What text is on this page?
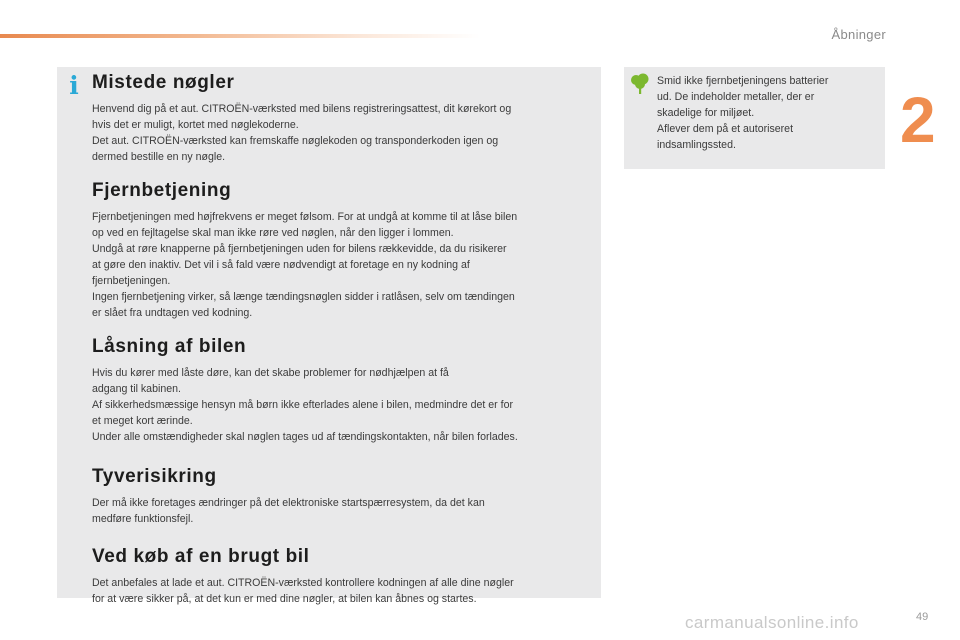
Åbninger
2
i Mistede nøgler

Henvend dig på et aut. CITROËN-værksted med bilens registreringsattest, dit kørekort og
hvis det er muligt, kortet med nøglekoderne.
Det aut. CITROËN-værksted kan fremskaffe nøglekoden og transponderkoden igen og
dermed bestille en ny nøgle.

Fjernbetjening

Fjernbetjeningen med højfrekvens er meget følsom. For at undgå at komme til at låse bilen
op ved en fejltagelse skal man ikke røre ved nøglen, når den ligger i lommen.
Undgå at røre knapperne på fjernbetjeningen uden for bilens rækkevidde, da du risikerer
at gøre den inaktiv. Det vil i så fald være nødvendigt at foretage en ny kodning af
fjernbetjeningen.
Ingen fjernbetjening virker, så længe tændingsnøglen sidder i ratlåsen, selv om tændingen
er slået fra undtagen ved kodning.

Låsning af bilen

Hvis du kører med låste døre, kan det skabe problemer for nødhjælpen at få
adgang til kabinen.
Af sikkerhedsmæssige hensyn må børn ikke efterlades alene i bilen, medmindre det er for
et meget kort ærinde.
Under alle omstændigheder skal nøglen tages ud af tændingskontakten, når bilen forlades.

Tyverisikring

Der må ikke foretages ændringer på det elektroniske startspærresystem, da det kan
medføre funktionsfejl.

Ved køb af en brugt bil

Det anbefales at lade et aut. CITROËN-værksted kontrollere kodningen af alle dine nøgler
for at være sikker på, at det kun er med dine nøgler, at bilen kan åbnes og startes.

Smid ikke fjernbetjeningens batterier
ud. De indeholder metaller, der er
skadelige for miljøet.
Aflever dem på et autoriseret
indsamlingssted.
carmanualsonline.info	49
